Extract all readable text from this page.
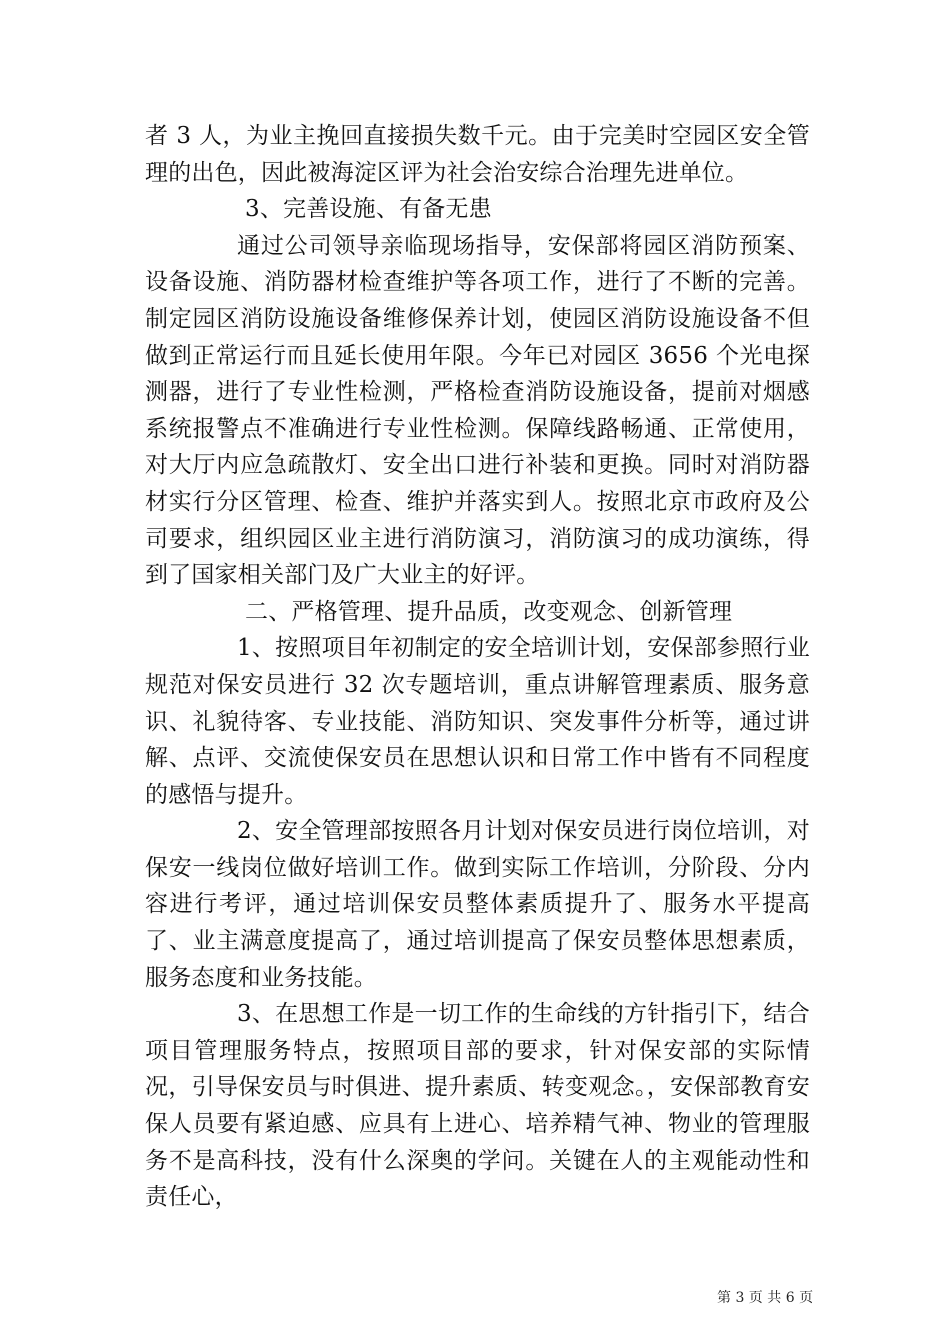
者 3 人，为业主挽回直接损失数千元。由于完美时空园区安全管理的出色，因此被海淀区评为社会治安综合治理先进单位。

3、完善设施、有备无患

通过公司领导亲临现场指导，安保部将园区消防预案、设备设施、消防器材检查维护等各项工作，进行了不断的完善。制定园区消防设施设备维修保养计划，使园区消防设施设备不但做到正常运行而且延长使用年限。今年已对园区 3656 个光电探测器，进行了专业性检测，严格检查消防设施设备，提前对烟感系统报警点不准确进行专业性检测。保障线路畅通、正常使用，对大厅内应急疏散灯、安全出口进行补装和更换。同时对消防器材实行分区管理、检查、维护并落实到人。按照北京市政府及公司要求，组织园区业主进行消防演习，消防演习的成功演练，得到了国家相关部门及广大业主的好评。

二、严格管理、提升品质，改变观念、创新管理

1、按照项目年初制定的安全培训计划，安保部参照行业规范对保安员进行 32 次专题培训，重点讲解管理素质、服务意识、礼貌待客、专业技能、消防知识、突发事件分析等，通过讲解、点评、交流使保安员在思想认识和日常工作中皆有不同程度的感悟与提升。

2、安全管理部按照各月计划对保安员进行岗位培训，对保安一线岗位做好培训工作。做到实际工作培训，分阶段、分内容进行考评，通过培训保安员整体素质提升了、服务水平提高了、业主满意度提高了，通过培训提高了保安员整体思想素质，服务态度和业务技能。

3、在思想工作是一切工作的生命线的方针指引下，结合项目管理服务特点，按照项目部的要求，针对保安部的实际情况，引导保安员与时俱进、提升素质、转变观念。，安保部教育安保人员要有紧迫感、应具有上进心、培养精气神、物业的管理服务不是高科技，没有什么深奥的学问。关键在人的主观能动性和责任心，

第 3 页 共 6 页
